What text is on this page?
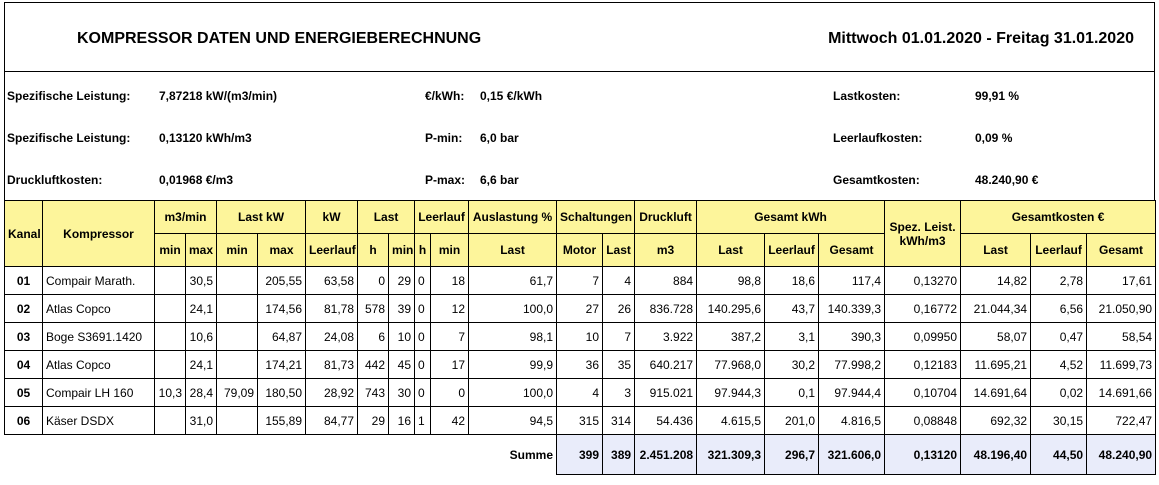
KOMPRESSOR DATEN UND ENERGIEBERECHNUNG	Mittwoch 01.01.2020 - Freitag 31.01.2020
Spezifische Leistung: 7,87218 kW/(m3/min)
Spezifische Leistung: 0,13120 kWh/m3
Druckluftkosten:	0,01968 €/m3
€/kWh: 0,15 €/kWh
P-min: 6,0 bar
P-max: 6,6 bar
Lastkosten:	99,91 %
Leerlaufkosten:	0,09 %
Gesamtkosten:	48.240,90 €
Kanal	Kompressor	m3/min		Last kW		kW	Last		Leerlauf		Auslastung %	Schaltungen		Druckluft	Gesamt kWh			Spez. Leist. kWh/m3	Gesamtkosten €		
		min	max	min	max	Leerlauf	h	min	h	min	Last	Motor	Last	m3	Last	Leerlauf	Gesamt		Last	Leerlauf	Gesamt
01	Compair Marath.		30,5		205,55	63,58	0	29	0	18	61,7	7	4	884	98,8	18,6	117,4	0,13270	14,82	2,78	17,61
02	Atlas Copco		24,1		174,56	81,78	578	39	0	12	100,0	27	26	836.728	140.295,6	43,7	140.339,3	0,16772	21.044,34	6,56	21.050,90
03	Boge S3691.1420		10,6		64,87	24,08	6	10	0	7	98,1	10	7	3.922	387,2	3,1	390,3	0,09950	58,07	0,47	58,54
04	Atlas Copco		24,1		174,21	81,73	442	45	0	17	99,9	36	35	640.217	77.968,0	30,2	77.998,2	0,12183	11.695,21	4,52	11.699,73
05	Compair LH 160	10,3	28,4	79,09	180,50	28,92	743	30	0	0	100,0	4	3	915.021	97.944,3	0,1	97.944,4	0,10704	14.691,64	0,02	14.691,66
06	Käser DSDX		31,0		155,89	84,77	29	16	1	42	94,5	315	314	54.436	4.615,5	201,0	4.816,5	0,08848	692,32	30,15	722,47
Summe												399	389	2.451.208	321.309,3	296,7	321.606,0	0,13120	48.196,40	44,50	48.240,90
